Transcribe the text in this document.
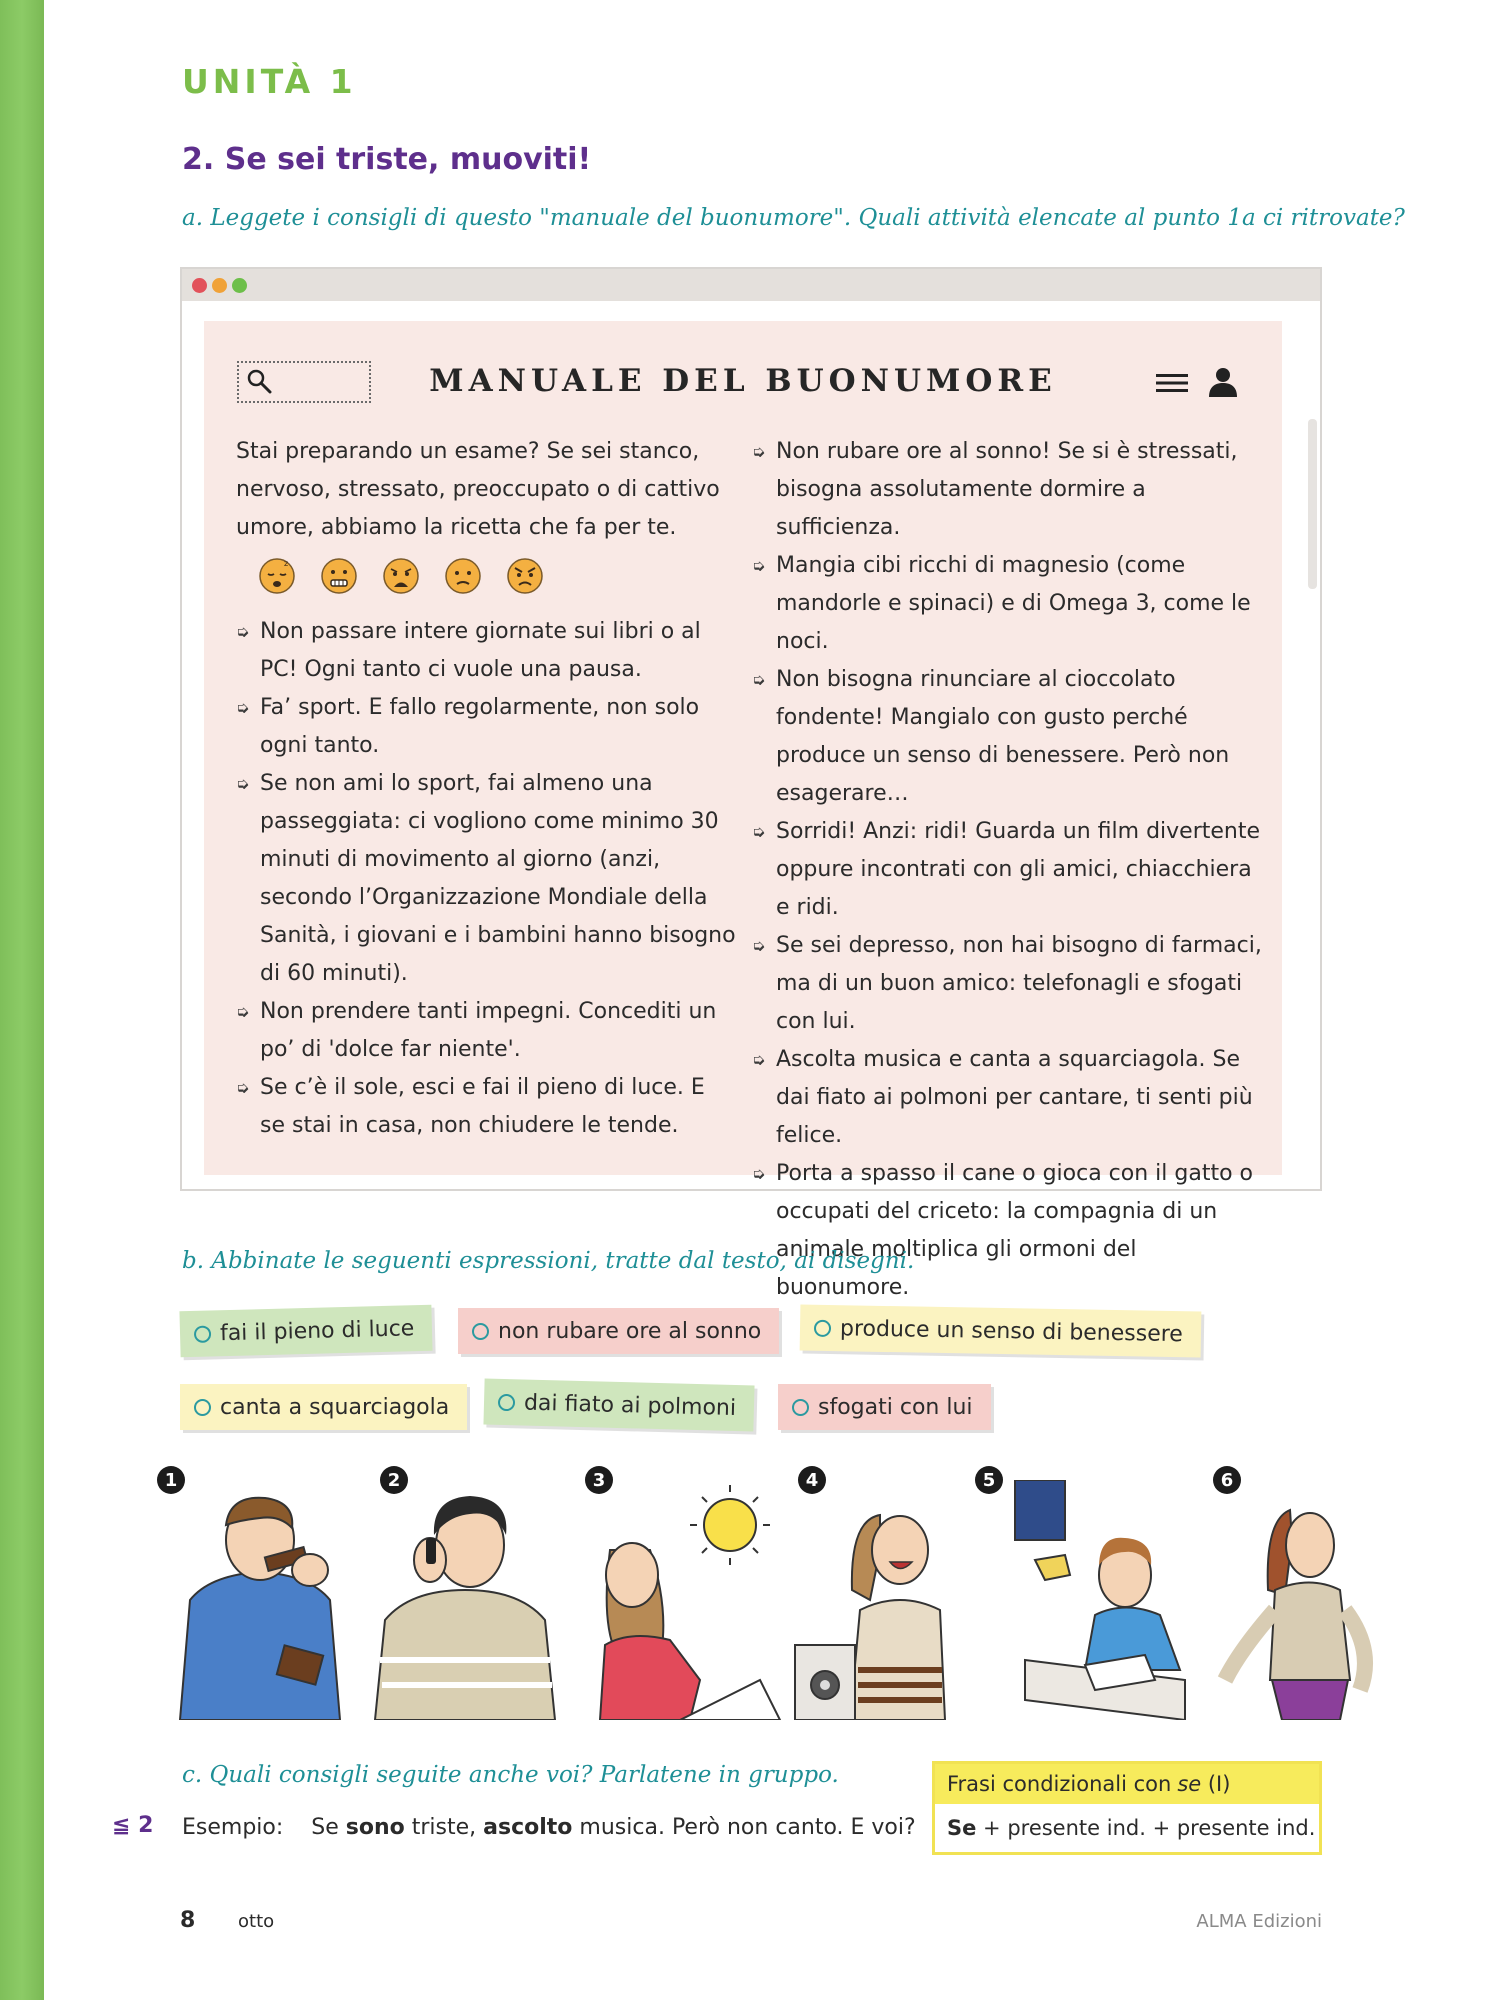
UNITÀ 1
2. Se sei triste, muoviti!
a. Leggete i consigli di questo "manuale del buonumore". Quali attività elencate al punto 1a ci ritrovate?
MANUALE DEL BUONUMORE

Stai preparando un esame? Se sei stanco, nervoso, stressato, preoccupato o di cattivo umore, abbiamo la ricetta che fa per te.

z
➭ Non passare intere giornate sui libri o al PC! Ogni tanto ci vuole una pausa.
➭ Fa’ sport. E fallo regolarmente, non solo ogni tanto.
➭ Se non ami lo sport, fai almeno una passeggiata: ci vogliono come minimo 30 minuti di movimento al giorno (anzi, secondo l’Organizzazione Mondiale della Sanità, i giovani e i bambini hanno bisogno di 60 minuti).
➭ Non prendere tanti impegni. Concediti un po’ di 'dolce far niente'.
➭ Se c’è il sole, esci e fai il pieno di luce. E se stai in casa, non chiudere le tende.
➭ Non rubare ore al sonno! Se si è stressati, bisogna assolutamente dormire a sufficienza.
➭ Mangia cibi ricchi di magnesio (come mandorle e spinaci) e di Omega 3, come le noci.
➭ Non bisogna rinunciare al cioccolato fondente! Mangialo con gusto perché produce un senso di benessere. Però non esagerare…
➭ Sorridi! Anzi: ridi! Guarda un film divertente oppure incontrati con gli amici, chiacchiera e ridi.
➭ Se sei depresso, non hai bisogno di farmaci, ma di un buon amico: telefonagli e sfogati con lui.
➭ Ascolta musica e canta a squarciagola. Se dai fiato ai polmoni per cantare, ti senti più felice.
➭ Porta a spasso il cane o gioca con il gatto o occupati del criceto: la compagnia di un animale moltiplica gli ormoni del buonumore.
b. Abbinate le seguenti espressioni, tratte dal testo, ai disegni.
fai il pieno di luce	non rubare ore al sonno	produce un senso di benessere
canta a squarciagola	dai fiato ai polmoni	sfogati con lui
1	2	3	4	5	6
c. Quali consigli seguite anche voi? Parlatene in gruppo.
≦ 2 Esempio: Se sono triste, ascolto musica. Però non canto. E voi?
Frasi condizionali con se (I)
Se + presente ind. + presente ind.
8 otto	ALMA Edizioni
